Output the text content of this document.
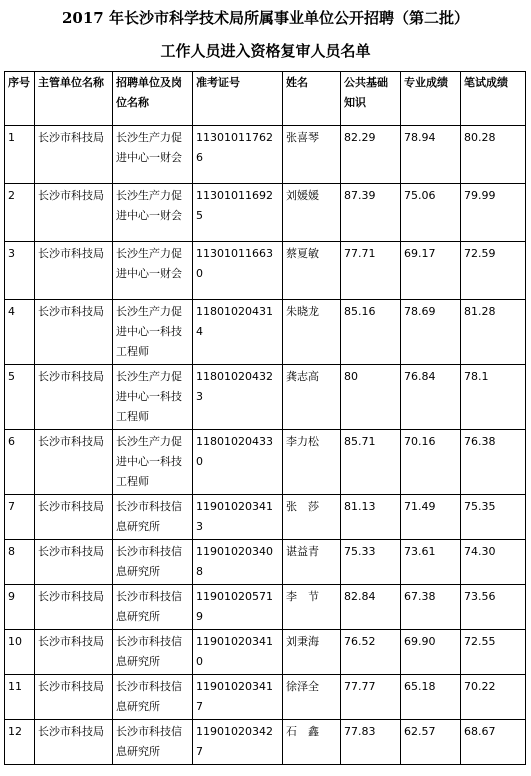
2017 年长沙市科学技术局所属事业单位公开招聘（第二批）
工作人员进入资格复审人员名单
序号	主管单位名称	招聘单位及岗位名称	准考证号	姓名	公共基础知识	专业成绩	笔试成绩
1	长沙市科技局	长沙生产力促进中心一财会	113010117626	张喜琴	82.29	78.94	80.28
2	长沙市科技局	长沙生产力促进中心一财会	113010116925	刘媛媛	87.39	75.06	79.99
3	长沙市科技局	长沙生产力促进中心一财会	113010116630	蔡夏敏	77.71	69.17	72.59
4	长沙市科技局	长沙生产力促进中心一科技工程师	118010204314	朱晓龙	85.16	78.69	81.28
5	长沙市科技局	长沙生产力促进中心一科技工程师	118010204323	龚志高	80	76.84	78.1
6	长沙市科技局	长沙生产力促进中心一科技工程师	118010204330	李力松	85.71	70.16	76.38
7	长沙市科技局	长沙市科技信息研究所	119010203413	张　莎	81.13	71.49	75.35
8	长沙市科技局	长沙市科技信息研究所	119010203408	谌益青	75.33	73.61	74.30
9	长沙市科技局	长沙市科技信息研究所	119010205719	李　节	82.84	67.38	73.56
10	长沙市科技局	长沙市科技信息研究所	119010203410	刘秉海	76.52	69.90	72.55
11	长沙市科技局	长沙市科技信息研究所	119010203417	徐泽全	77.77	65.18	70.22
12	长沙市科技局	长沙市科技信息研究所	119010203427	石　鑫	77.83	62.57	68.67
